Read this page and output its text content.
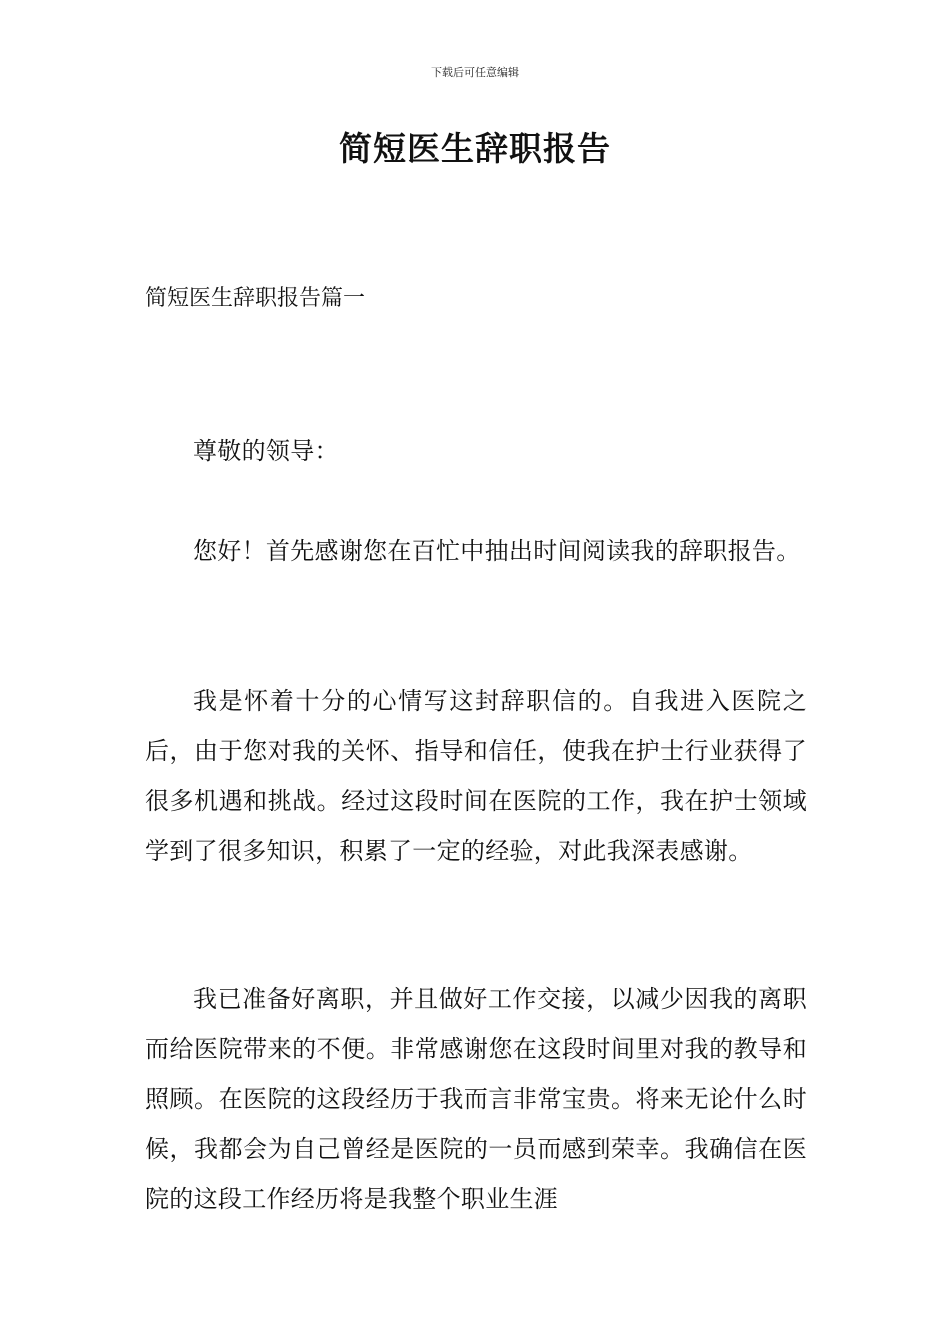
下载后可任意编辑
简短医生辞职报告
简短医生辞职报告篇一

尊敬的领导：

您好！首先感谢您在百忙中抽出时间阅读我的辞职报告。

我是怀着十分的心情写这封辞职信的。自我进入医院之后，由于您对我的关怀、指导和信任，使我在护士行业获得了很多机遇和挑战。经过这段时间在医院的工作，我在护士领域学到了很多知识，积累了一定的经验，对此我深表感谢。

我已准备好离职，并且做好工作交接，以减少因我的离职而给医院带来的不便。非常感谢您在这段时间里对我的教导和照顾。在医院的这段经历于我而言非常宝贵。将来无论什么时候，我都会为自己曾经是医院的一员而感到荣幸。我确信在医院的这段工作经历将是我整个职业生涯
